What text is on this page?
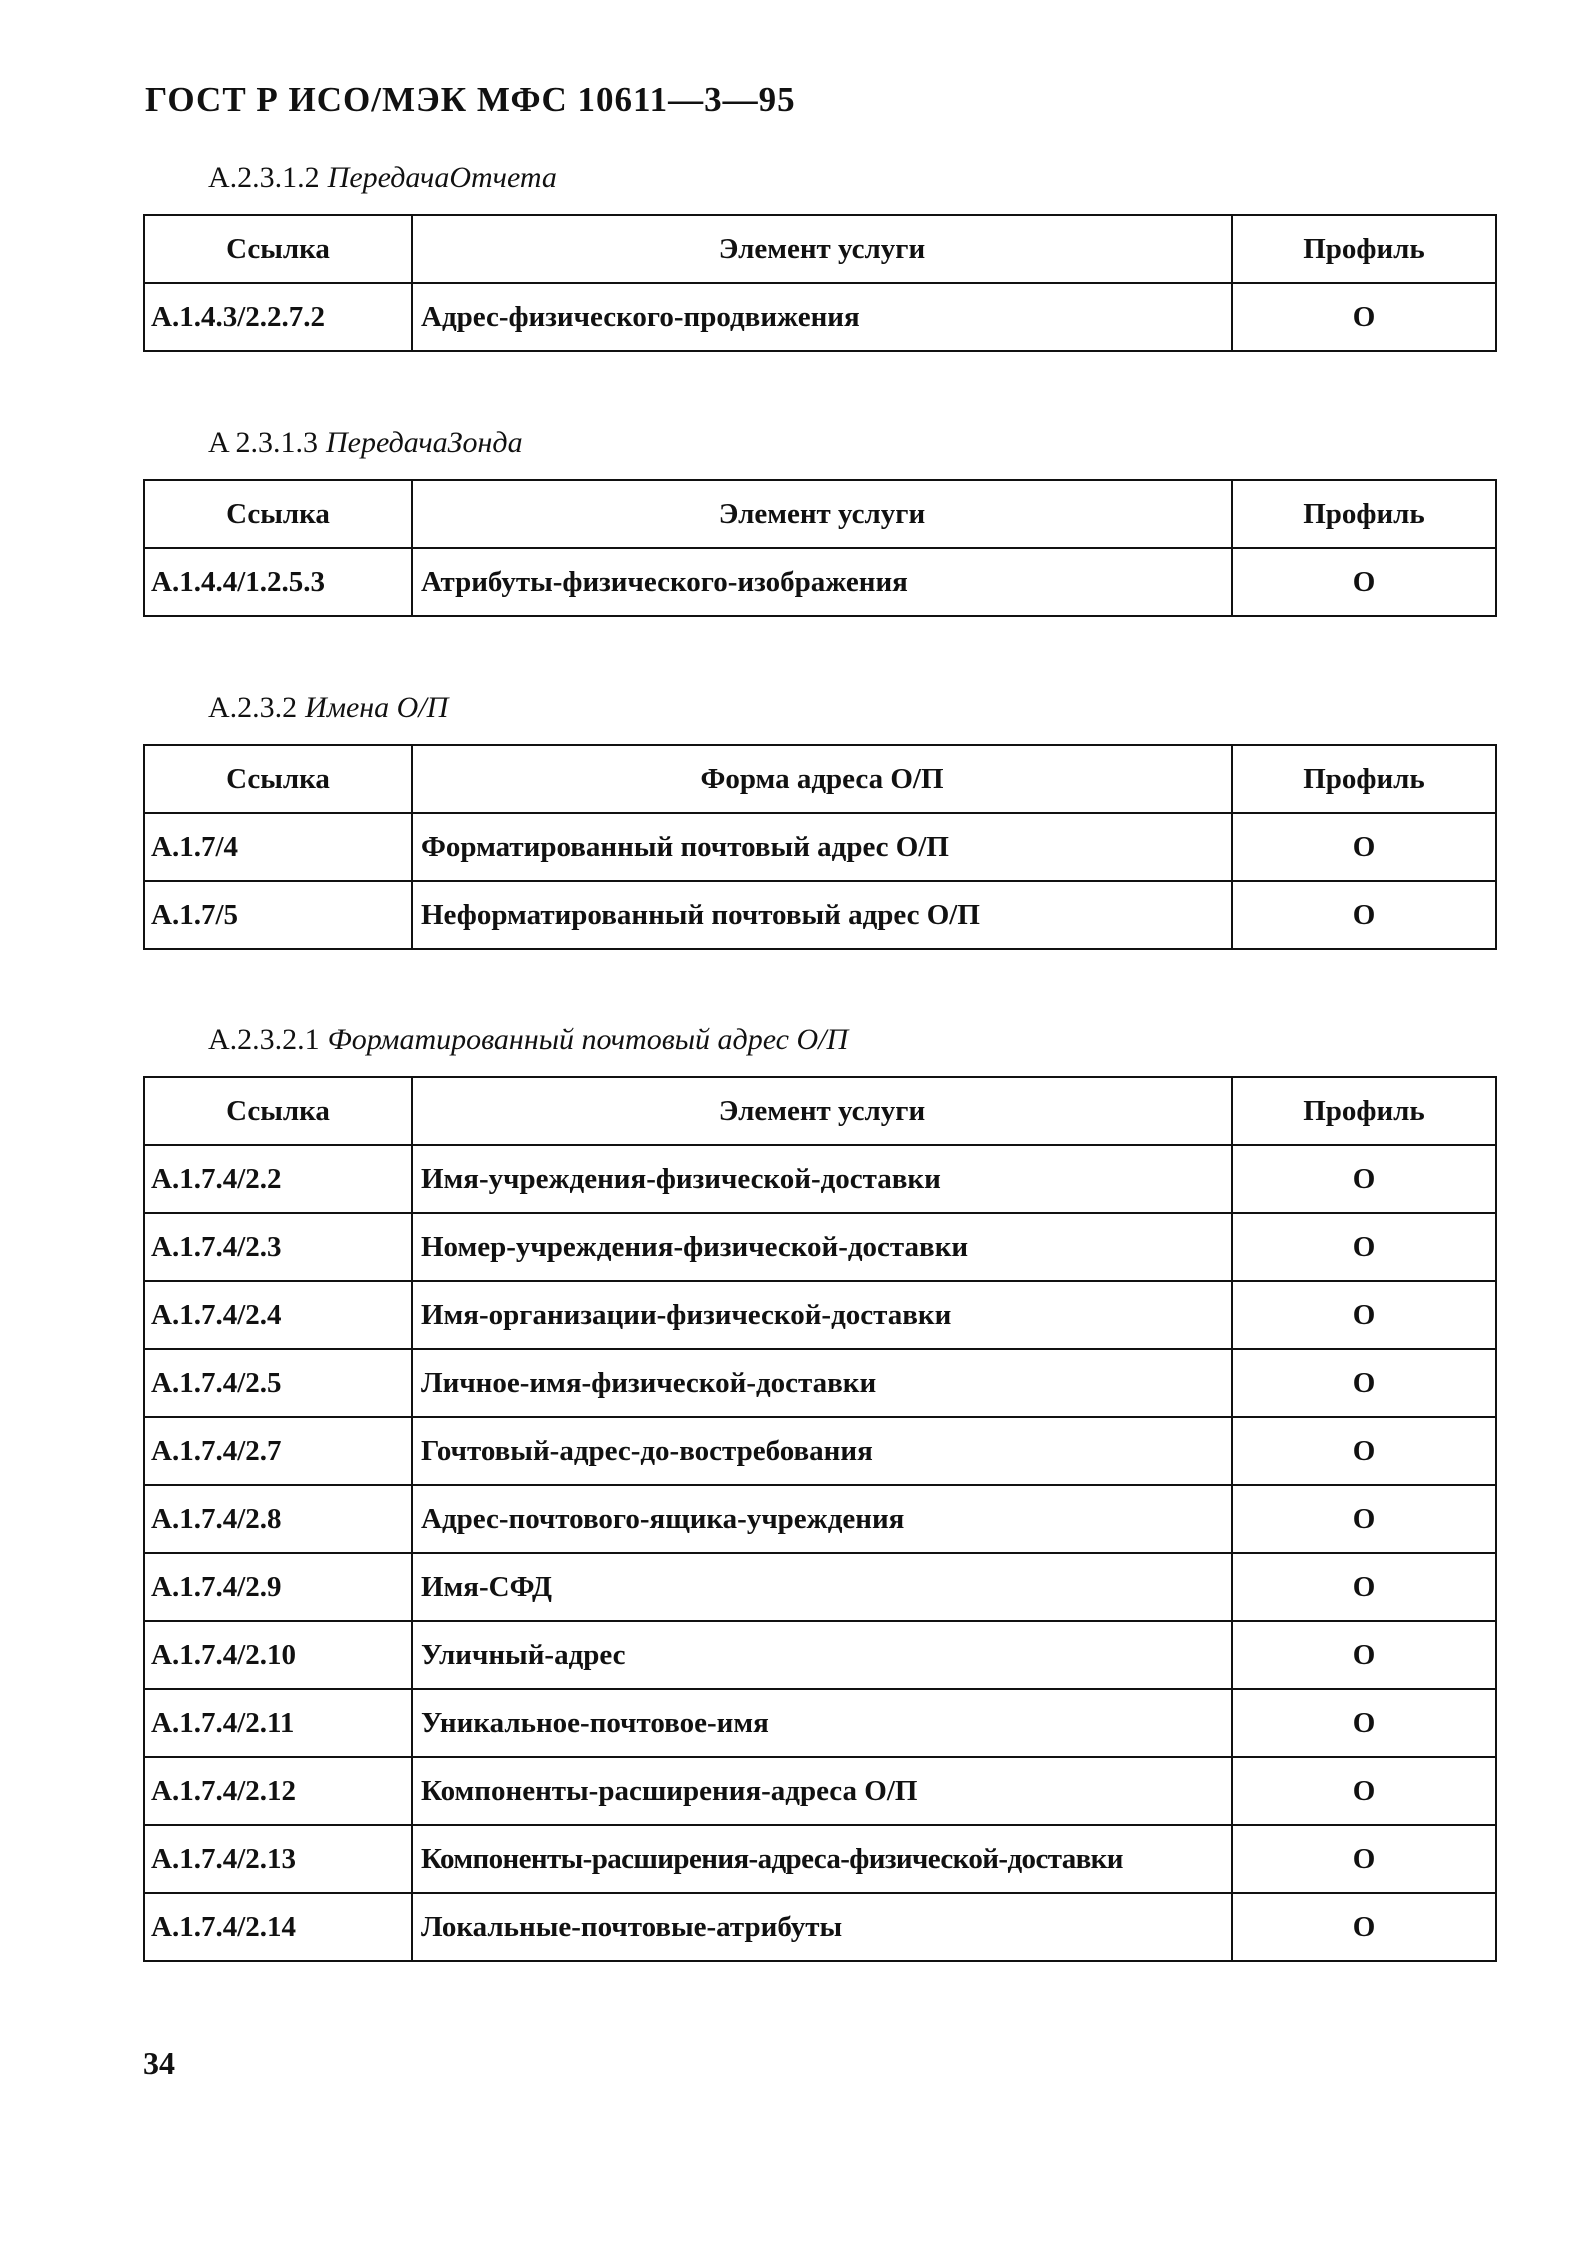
ГОСТ Р ИСО/МЭК МФС 10611—3—95
A.2.3.1.2 ПередачаОтчета
Ссылка	Элемент услуги	Профиль
A.1.4.3/2.2.7.2	Адрес-физического-продвижения	O
A 2.3.1.3 ПередачаЗонда
Ссылка	Элемент услуги	Профиль
A.1.4.4/1.2.5.3	Атрибуты-физического-изображения	O
A.2.3.2 Имена О/П
Ссылка	Форма адреса О/П	Профиль
A.1.7/4	Форматированный почтовый адрес О/П	O
A.1.7/5	Неформатированный почтовый адрес О/П	O
A.2.3.2.1 Форматированный почтовый адрес О/П
Ссылка	Элемент услуги	Профиль
A.1.7.4/2.2	Имя-учреждения-физической-доставки	O
A.1.7.4/2.3	Номер-учреждения-физической-доставки	O
A.1.7.4/2.4	Имя-организации-физической-доставки	O
A.1.7.4/2.5	Личное-имя-физической-доставки	O
A.1.7.4/2.7	Гочтовый-адрес-до-востребования	O
A.1.7.4/2.8	Адрес-почтового-ящика-учреждения	O
A.1.7.4/2.9	Имя-СФД	O
A.1.7.4/2.10	Уличный-адрес	O
A.1.7.4/2.11	Уникальное-почтовое-имя	O
A.1.7.4/2.12	Компоненты-расширения-адреса О/П	O
A.1.7.4/2.13	Компоненты-расширения-адреса-физической-доставки	O
A.1.7.4/2.14	Локальные-почтовые-атрибуты	O
34
